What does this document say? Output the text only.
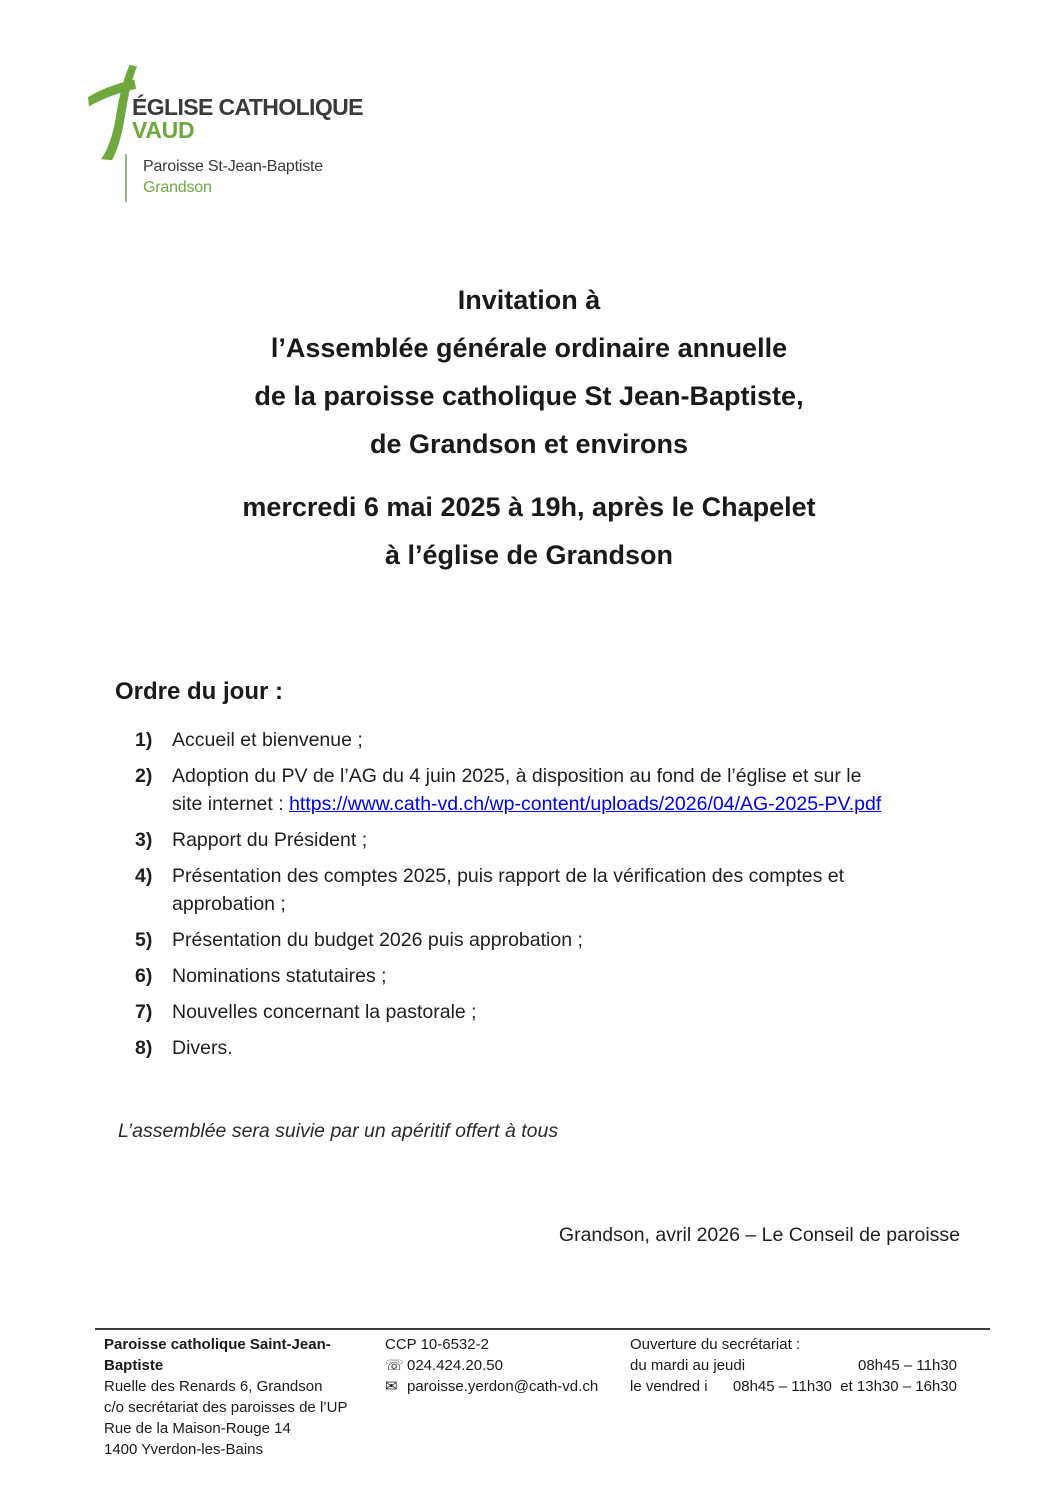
ÉGLISE CATHOLIQUE
VAUD
Paroisse St-Jean-Baptiste
Grandson
Invitation à
l’Assemblée générale ordinaire annuelle
de la paroisse catholique St Jean-Baptiste,
de Grandson et environs
mercredi 6 mai 2025 à 19h, après le Chapelet
à l’église de Grandson
Ordre du jour :
1)	Accueil et bienvenue ;
2)	Adoption du PV de l’AG du 4 juin 2025, à disposition au fond de l’église et sur le
site internet : https://www.cath-vd.ch/wp-content/uploads/2026/04/AG-2025-PV.pdf
3)	Rapport du Président ;
4)	Présentation des comptes 2025, puis rapport de la vérification des comptes et
approbation ;
5)	Présentation du budget 2026 puis approbation ;
6)	Nominations statutaires ;
7)	Nouvelles concernant la pastorale ;
8)	Divers.
L’assemblée sera suivie par un apéritif offert à tous
Grandson, avril 2026 – Le Conseil de paroisse
Paroisse catholique Saint-Jean-Baptiste
Ruelle des Renards 6, Grandson
c/o secrétariat des paroisses de l’UP
Rue de la Maison-Rouge 14
1400 Yverdon-les-Bains
CCP 10-6532-2
☏ 024.424.20.50
✉ paroisse.yerdon@cath-vd.ch
Ouverture du secrétariat :
du mardi au jeudi	08h45 – 11h30
le vendred i 08h45 – 11h30  et 13h30 – 16h30
